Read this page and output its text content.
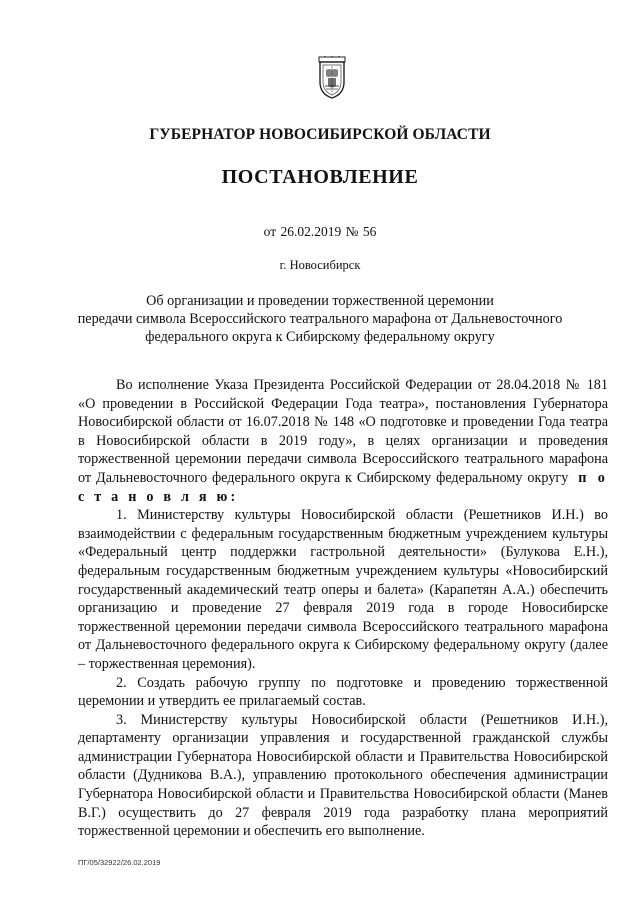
ГУБЕРНАТОР НОВОСИБИРСКОЙ ОБЛАСТИ
ПОСТАНОВЛЕНИЕ
от 26.02.2019 № 56
г. Новосибирск
Об организации и проведении торжественной церемонии
передачи символа Всероссийского театрального марафона от Дальневосточного
федерального округа к Сибирскому федеральному округу

Во исполнение Указа Президента Российской Федерации от 28.04.2018 № 181 «О проведении в Российской Федерации Года театра», постановления Губернатора Новосибирской области от 16.07.2018 № 148 «О подготовке и проведении Года театра в Новосибирской области в 2019 году», в целях организации и проведения торжественной церемонии передачи символа Всероссийского театрального марафона от Дальневосточного федерального округа к Сибирскому федеральному округу п о с т а н о в л я ю:

1. Министерству культуры Новосибирской области (Решетников И.Н.) во взаимодействии с федеральным государственным бюджетным учреждением культуры «Федеральный центр поддержки гастрольной деятельности» (Булукова Е.Н.), федеральным государственным бюджетным учреждением культуры «Новосибирский государственный академический театр оперы и балета» (Карапетян А.А.) обеспечить организацию и проведение 27 февраля 2019 года в городе Новосибирске торжественной церемонии передачи символа Всероссийского театрального марафона от Дальневосточного федерального округа к Сибирскому федеральному округу (далее – торжественная церемония).

2. Создать рабочую группу по подготовке и проведению торжественной церемонии и утвердить ее прилагаемый состав.

3. Министерству культуры Новосибирской области (Решетников И.Н.), департаменту организации управления и государственной гражданской службы администрации Губернатора Новосибирской области и Правительства Новосибирской области (Дудникова В.А.), управлению протокольного обеспечения администрации Губернатора Новосибирской области и Правительства Новосибирской области (Манев В.Г.) осуществить до 27 февраля 2019 года разработку плана мероприятий торжественной церемонии и обеспечить его выполнение.

ПГ/05/32922/26.02.2019
